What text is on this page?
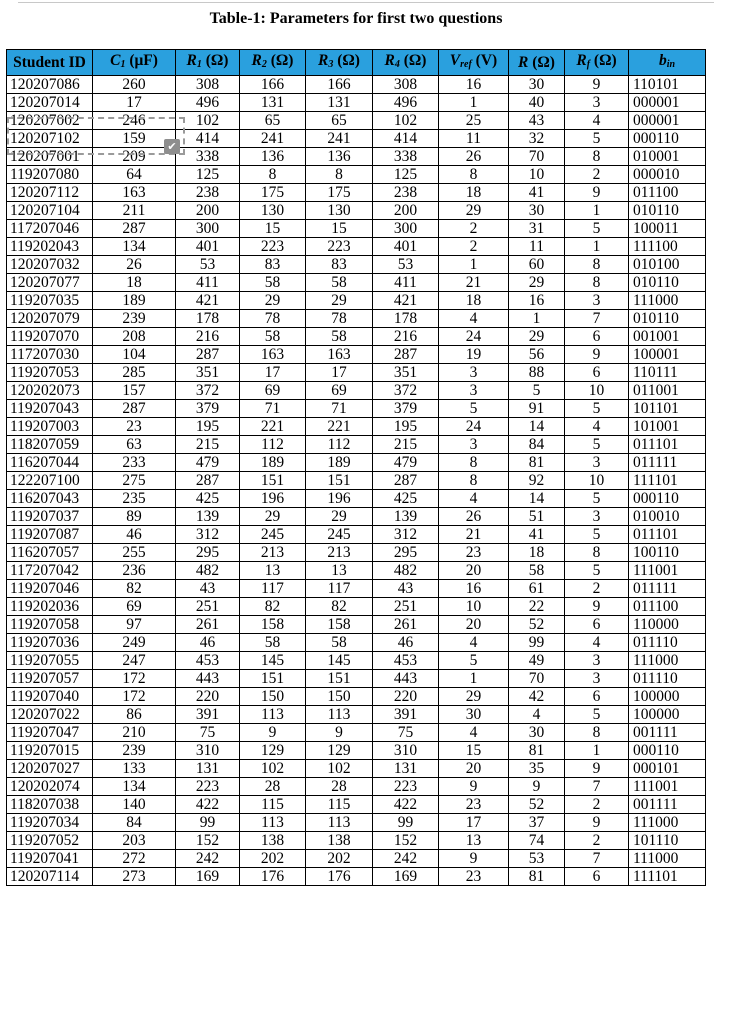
Table-1: Parameters for first two questions
Student ID	C1 (μF)	R1 (Ω)	R2 (Ω)	R3 (Ω)	R4 (Ω)	Vref (V)	R (Ω)	Rf (Ω)	bin
120207086	260	308	166	166	308	16	30	9	110101
120207014	17	496	131	131	496	1	40	3	000001
120207002	246	102	65	65	102	25	43	4	000001
120207102	159	414	241	241	414	11	32	5	000110
120207001	209	338	136	136	338	26	70	8	010001
119207080	64	125	8	8	125	8	10	2	000010
120207112	163	238	175	175	238	18	41	9	011100
120207104	211	200	130	130	200	29	30	1	010110
117207046	287	300	15	15	300	2	31	5	100011
119202043	134	401	223	223	401	2	11	1	111100
120207032	26	53	83	83	53	1	60	8	010100
120207077	18	411	58	58	411	21	29	8	010110
119207035	189	421	29	29	421	18	16	3	111000
120207079	239	178	78	78	178	4	1	7	010110
119207070	208	216	58	58	216	24	29	6	001001
117207030	104	287	163	163	287	19	56	9	100001
119207053	285	351	17	17	351	3	88	6	110111
120202073	157	372	69	69	372	3	5	10	011001
119207043	287	379	71	71	379	5	91	5	101101
119207003	23	195	221	221	195	24	14	4	101001
118207059	63	215	112	112	215	3	84	5	011101
116207044	233	479	189	189	479	8	81	3	011111
122207100	275	287	151	151	287	8	92	10	111101
116207043	235	425	196	196	425	4	14	5	000110
119207037	89	139	29	29	139	26	51	3	010010
119207087	46	312	245	245	312	21	41	5	011101
116207057	255	295	213	213	295	23	18	8	100110
117207042	236	482	13	13	482	20	58	5	111001
119207046	82	43	117	117	43	16	61	2	011111
119202036	69	251	82	82	251	10	22	9	011100
119207058	97	261	158	158	261	20	52	6	110000
119207036	249	46	58	58	46	4	99	4	011110
119207055	247	453	145	145	453	5	49	3	111000
119207057	172	443	151	151	443	1	70	3	011110
119207040	172	220	150	150	220	29	42	6	100000
120207022	86	391	113	113	391	30	4	5	100000
119207047	210	75	9	9	75	4	30	8	001111
119207015	239	310	129	129	310	15	81	1	000110
120207027	133	131	102	102	131	20	35	9	000101
120202074	134	223	28	28	223	9	9	7	111001
118207038	140	422	115	115	422	23	52	2	001111
119207034	84	99	113	113	99	17	37	9	111000
119207052	203	152	138	138	152	13	74	2	101110
119207041	272	242	202	202	242	9	53	7	111000
120207114	273	169	176	176	169	23	81	6	111101
✔
